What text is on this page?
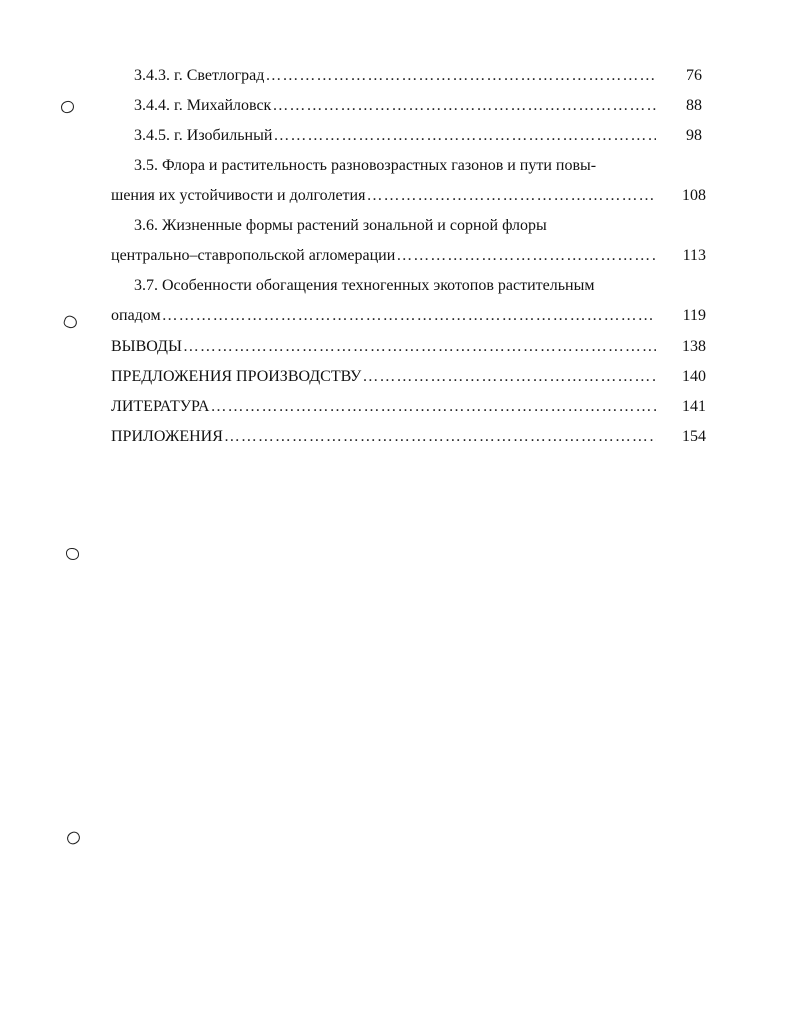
3.4.3. г. Светлоград ……………………………………………………………………………………………………………………………………………………………………………………	76
3.4.4. г. Михайловск ……………………………………………………………………………………………………………………………………………………………………………………	88
3.4.5. г. Изобильный ……………………………………………………………………………………………………………………………………………………………………………………	98
3.5. Флора и растительность разновозрастных газонов и пути повы-
шения их устойчивости и долголетия ……………………………………………………………………………………………………………………………………………………………………………………	108
3.6. Жизненные формы растений зональной и сорной флоры
центрально–ставропольской агломерации ……………………………………………………………………………………………………………………………………………………………………………………	113
3.7. Особенности обогащения техногенных экотопов растительным
опадом ……………………………………………………………………………………………………………………………………………………………………………………	119
ВЫВОДЫ ……………………………………………………………………………………………………………………………………………………………………………………	138
ПРЕДЛОЖЕНИЯ ПРОИЗВОДСТВУ ……………………………………………………………………………………………………………………………………………………………………………………	140
ЛИТЕРАТУРА ……………………………………………………………………………………………………………………………………………………………………………………	141
ПРИЛОЖЕНИЯ ……………………………………………………………………………………………………………………………………………………………………………………	154
